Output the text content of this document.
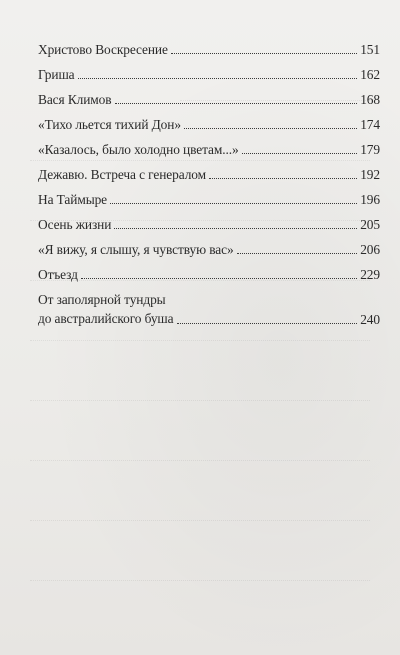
Христово Воскресение	151
Гриша	162
Вася Климов	168
«Тихо льется тихий Дон»	174
«Казалось, было холодно цветам...»	179
Дежавю. Встреча с генералом	192
На Таймыре	196
Осень жизни	205
«Я вижу, я слышу, я чувствую вас»	206
Отъезд	229
От заполярной тундры
до австралийского буша	240
